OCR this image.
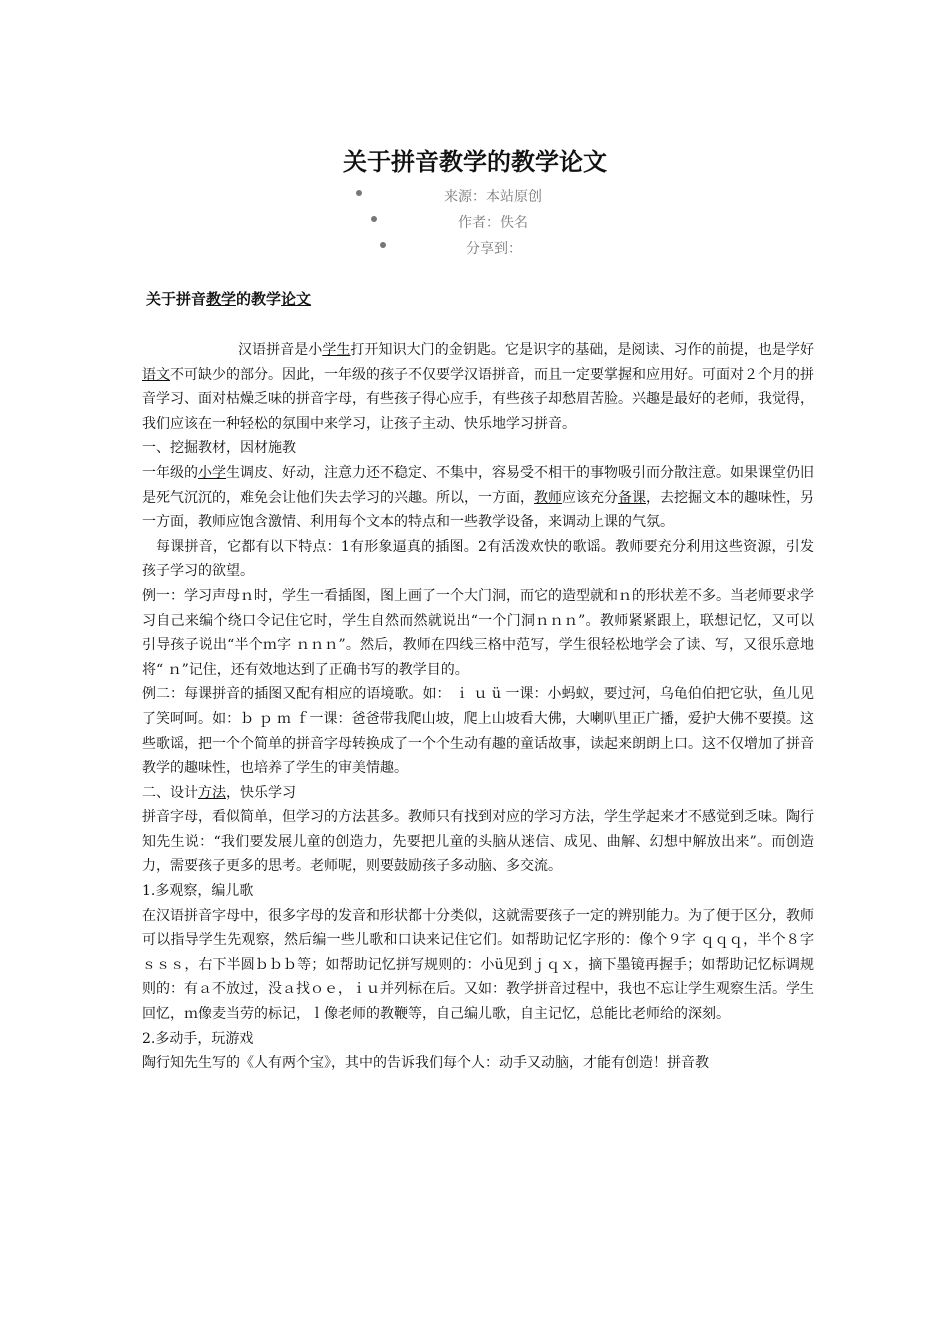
关于拼音教学的教学论文
来源：本站原创
作者：佚名
分享到：
关于拼音教学的教学论文

汉语拼音是小学生打开知识大门的金钥匙。它是识字的基础，是阅读、习作的前提，也是学好语文不可缺少的部分。因此，一年级的孩子不仅要学汉语拼音，而且一定要掌握和应用好。可面对２个月的拼音学习、面对枯燥乏味的拼音字母，有些孩子得心应手，有些孩子却愁眉苦脸。兴趣是最好的老师，我觉得，我们应该在一种轻松的氛围中来学习，让孩子主动、快乐地学习拼音。

一、挖掘教材，因材施教

一年级的小学生调皮、好动，注意力还不稳定、不集中，容易受不相干的事物吸引而分散注意。如果课堂仍旧是死气沉沉的，难免会让他们失去学习的兴趣。所以，一方面，教师应该充分备课，去挖掘文本的趣味性，另一方面，教师应饱含激情、利用每个文本的特点和一些教学设备，来调动上课的气氛。

每课拼音，它都有以下特点：1有形象逼真的插图。2有活泼欢快的歌谣。教师要充分利用这些资源，引发孩子学习的欲望。

例一：学习声母ｎ时，学生一看插图，图上画了一个大门洞，而它的造型就和ｎ的形状差不多。当老师要求学习自己来编个绕口令记住它时，学生自然而然就说出“一个门洞ｎｎｎ”。教师紧紧跟上，联想记忆，又可以引导孩子说出“半个ｍ字 ｎｎｎ”。然后，教师在四线三格中范写，学生很轻松地学会了读、写，又很乐意地将“ ｎ”记住，还有效地达到了正确书写的教学目的。

例二：每课拼音的插图又配有相应的语境歌。如： ｉ ｕ ü 一课：小蚂蚁，要过河，乌龟伯伯把它驮，鱼儿见了笑呵呵。如：ｂ ｐ ｍ ｆ一课：爸爸带我爬山坡，爬上山坡看大佛，大喇叭里正广播，爱护大佛不要摸。这些歌谣，把一个个简单的拼音字母转换成了一个个生动有趣的童话故事，读起来朗朗上口。这不仅增加了拼音教学的趣味性，也培养了学生的审美情趣。

二、设计方法，快乐学习

拼音字母，看似简单，但学习的方法甚多。教师只有找到对应的学习方法，学生学起来才不感觉到乏味。陶行知先生说：“我们要发展儿童的创造力，先要把儿童的头脑从迷信、成见、曲解、幻想中解放出来”。而创造力，需要孩子更多的思考。老师呢，则要鼓励孩子多动脑、多交流。

1.多观察，编儿歌

在汉语拼音字母中，很多字母的发音和形状都十分类似，这就需要孩子一定的辨别能力。为了便于区分，教师可以指导学生先观察，然后编一些儿歌和口诀来记住它们。如帮助记忆字形的：像个９字 ｑｑｑ，半个８字ｓｓｓ，右下半圆ｂｂｂ等；如帮助记忆拼写规则的：小ü见到ｊｑｘ，摘下墨镜再握手；如帮助记忆标调规则的：有ａ不放过，没ａ找ｏｅ，ｉｕ并列标在后。又如：教学拼音过程中，我也不忘让学生观察生活。学生回忆，ｍ像麦当劳的标记，ｌ像老师的教鞭等，自己编儿歌，自主记忆，总能比老师给的深刻。

2.多动手，玩游戏

陶行知先生写的《人有两个宝》，其中的告诉我们每个人：动手又动脑，才能有创造！拼音教
